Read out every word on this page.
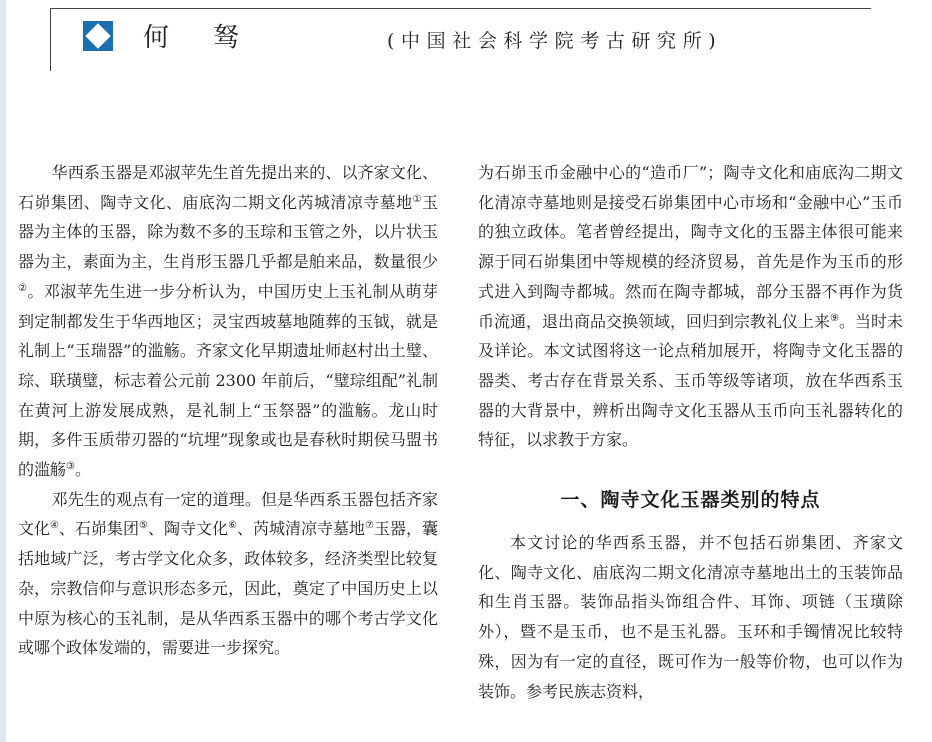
何 驽	(中国社会科学院考古研究所)

华西系玉器是邓淑苹先生首先提出来的、以齐家文化、石峁集团、陶寺文化、庙底沟二期文化芮城清凉寺墓地①玉器为主体的玉器，除为数不多的玉琮和玉管之外，以片状玉器为主，素面为主，生肖形玉器几乎都是舶来品，数量很少②。邓淑苹先生进一步分析认为，中国历史上玉礼制从萌芽到定制都发生于华西地区；灵宝西坡墓地随葬的玉钺，就是礼制上“玉瑞器”的滥觞。齐家文化早期遗址师赵村出土璧、琮、联璜璧，标志着公元前 2300 年前后，“璧琮组配”礼制在黄河上游发展成熟，是礼制上“玉祭器”的滥觞。龙山时期，多件玉质带刃器的“坑埋”现象或也是春秋时期侯马盟书的滥觞③。

邓先生的观点有一定的道理。但是华西系玉器包括齐家文化④、石峁集团⑤、陶寺文化⑥、芮城清凉寺墓地⑦玉器，囊括地域广泛，考古学文化众多，政体较多，经济类型比较复杂，宗教信仰与意识形态多元，因此，奠定了中国历史上以中原为核心的玉礼制，是从华西系玉器中的哪个考古学文化或哪个政体发端的，需要进一步探究。

为石峁玉币金融中心的“造币厂”；陶寺文化和庙底沟二期文化清凉寺墓地则是接受石峁集团中心市场和“金融中心”玉币的独立政体。笔者曾经提出，陶寺文化的玉器主体很可能来源于同石峁集团中等规模的经济贸易，首先是作为玉币的形式进入到陶寺都城。然而在陶寺都城，部分玉器不再作为货币流通，退出商品交换领域，回归到宗教礼仪上来⑨。当时未及详论。本文试图将这一论点稍加展开，将陶寺文化玉器的器类、考古存在背景关系、玉币等级等诸项，放在华西系玉器的大背景中，辨析出陶寺文化玉器从玉币向玉礼器转化的特征，以求教于方家。

一、陶寺文化玉器类别的特点

本文讨论的华西系玉器，并不包括石峁集团、齐家文化、陶寺文化、庙底沟二期文化清凉寺墓地出土的玉装饰品和生肖玉器。装饰品指头饰组合件、耳饰、项链（玉璜除外），暨不是玉币，也不是玉礼器。玉环和手镯情况比较特殊，因为有一定的直径，既可作为一般等价物，也可以作为装饰。参考民族志资料，
